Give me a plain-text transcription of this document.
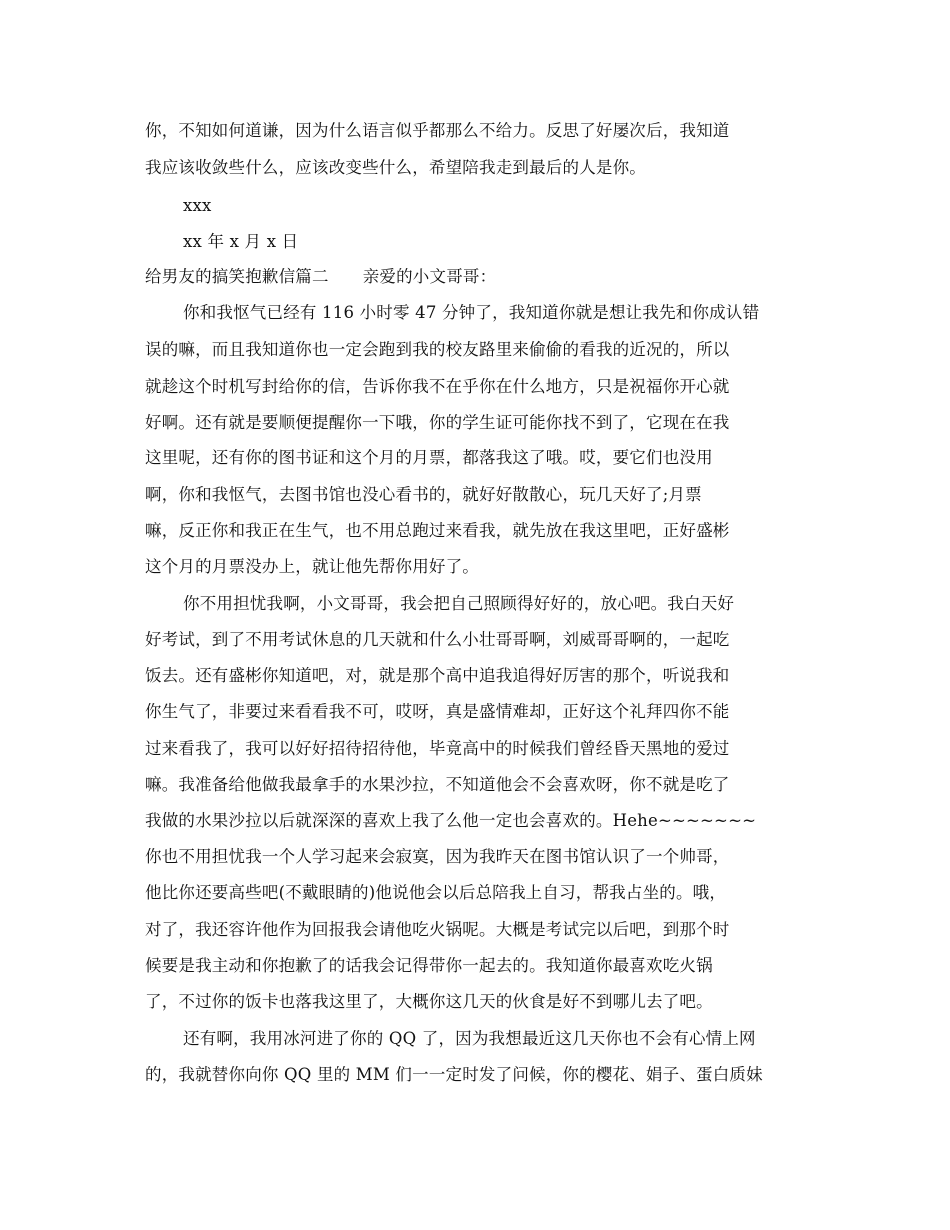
你，不知如何道谦，因为什么语言似乎都那么不给力。反思了好屡次后，我知道
我应该收敛些什么，应该改变些什么，希望陪我走到最后的人是你。
xxx
xx 年 x 月 x 日
给男友的搞笑抱歉信篇二 亲爱的小文哥哥：
你和我怄气已经有 116 小时零 47 分钟了，我知道你就是想让我先和你成认错
误的嘛，而且我知道你也一定会跑到我的校友路里来偷偷的看我的近况的，所以
就趁这个时机写封给你的信，告诉你我不在乎你在什么地方，只是祝福你开心就
好啊。还有就是要顺便提醒你一下哦，你的学生证可能你找不到了，它现在在我
这里呢，还有你的图书证和这个月的月票，都落我这了哦。哎，要它们也没用
啊，你和我怄气，去图书馆也没心看书的，就好好散散心，玩几天好了;月票
嘛，反正你和我正在生气，也不用总跑过来看我，就先放在我这里吧，正好盛彬
这个月的月票没办上，就让他先帮你用好了。
你不用担忧我啊，小文哥哥，我会把自己照顾得好好的，放心吧。我白天好
好考试，到了不用考试休息的几天就和什么小壮哥哥啊，刘威哥哥啊的，一起吃
饭去。还有盛彬你知道吧，对，就是那个高中追我追得好厉害的那个，听说我和
你生气了，非要过来看看我不可，哎呀，真是盛情难却，正好这个礼拜四你不能
过来看我了，我可以好好招待招待他，毕竟高中的时候我们曾经昏天黑地的爱过
嘛。我准备给他做我最拿手的水果沙拉，不知道他会不会喜欢呀，你不就是吃了
我做的水果沙拉以后就深深的喜欢上我了么他一定也会喜欢的。Hehe~~~~~~~
你也不用担忧我一个人学习起来会寂寞，因为我昨天在图书馆认识了一个帅哥，
他比你还要高些吧(不戴眼睛的)他说他会以后总陪我上自习，帮我占坐的。哦，
对了，我还容许他作为回报我会请他吃火锅呢。大概是考试完以后吧，到那个时
候要是我主动和你抱歉了的话我会记得带你一起去的。我知道你最喜欢吃火锅
了，不过你的饭卡也落我这里了，大概你这几天的伙食是好不到哪儿去了吧。
还有啊，我用冰河进了你的 QQ 了，因为我想最近这几天你也不会有心情上网
的，我就替你向你 QQ 里的 MM 们一一定时发了问候，你的樱花、娟子、蛋白质妹
